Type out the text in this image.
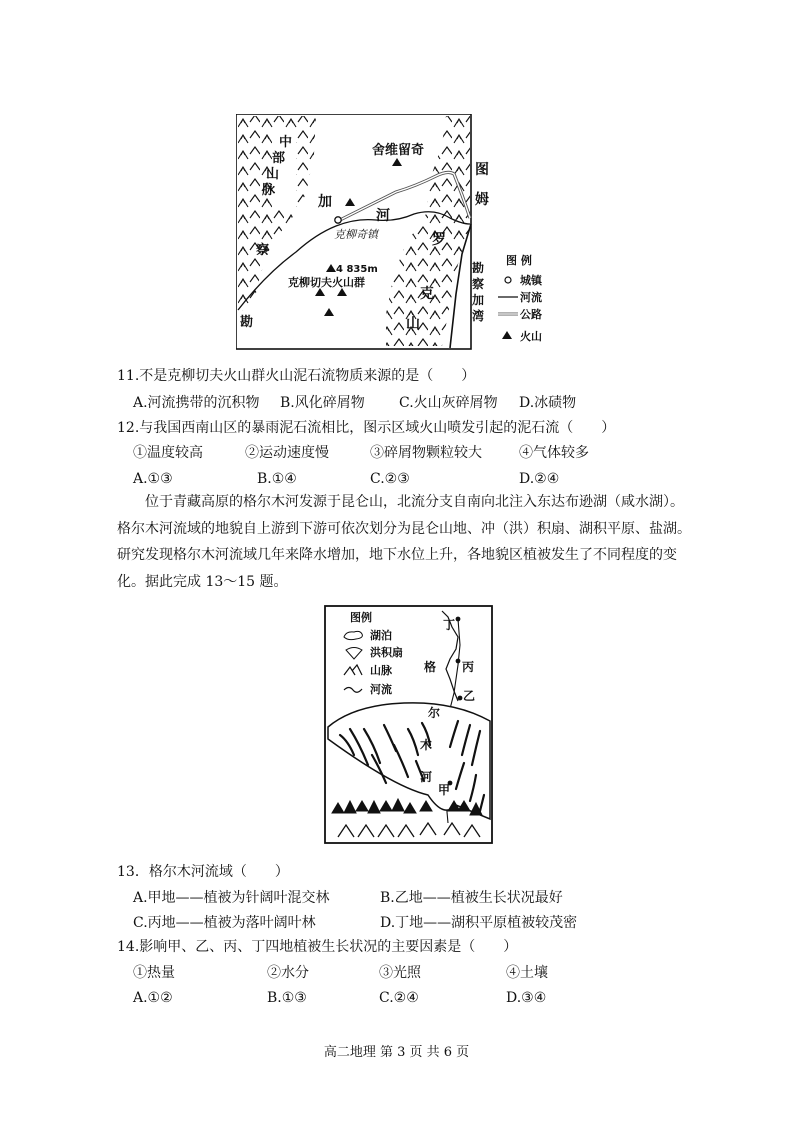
中
部
山
脉
察
勘
舍维留奇
加
河
图
姆
克柳奇镇
4 835m
克柳切夫火山群
罗
克
山
勘
察
加
湾
图 例
城镇
河流
公路
火山
11.不是克柳切夫火山群火山泥石流物质来源的是（　　）
A.河流携带的沉积物 B.风化碎屑物 C.火山灰碎屑物 D.冰碛物
12.与我国西南山区的暴雨泥石流相比，图示区域火山喷发引起的泥石流（　　）
①温度较高	②运动速度慢	③碎屑物颗粒较大	④气体较多
A.①③	B.①④	C.②③	D.②④
位于青藏高原的格尔木河发源于昆仑山，北流分支自南向北注入东达布逊湖（咸水湖）。
格尔木河流域的地貌自上游到下游可依次划分为昆仑山地、冲（洪）积扇、湖积平原、盐湖。
研究发现格尔木河流域几年来降水增加，地下水位上升，各地貌区植被发生了不同程度的变
化。据此完成 13～15 题。
图例
湖泊
洪积扇
山脉
河流
丁
丙
乙
甲
格
尔
木
河
13．格尔木河流域（　　）
A.甲地——植被为针阔叶混交林	B.乙地——植被生长状况最好
C.丙地——植被为落叶阔叶林	D.丁地——湖积平原植被较茂密
14.影响甲、乙、丙、丁四地植被生长状况的主要因素是（　　）
①热量	②水分	③光照	④土壤
A.①②	B.①③	C.②④	D.③④
高二地理 第 3 页 共 6 页
